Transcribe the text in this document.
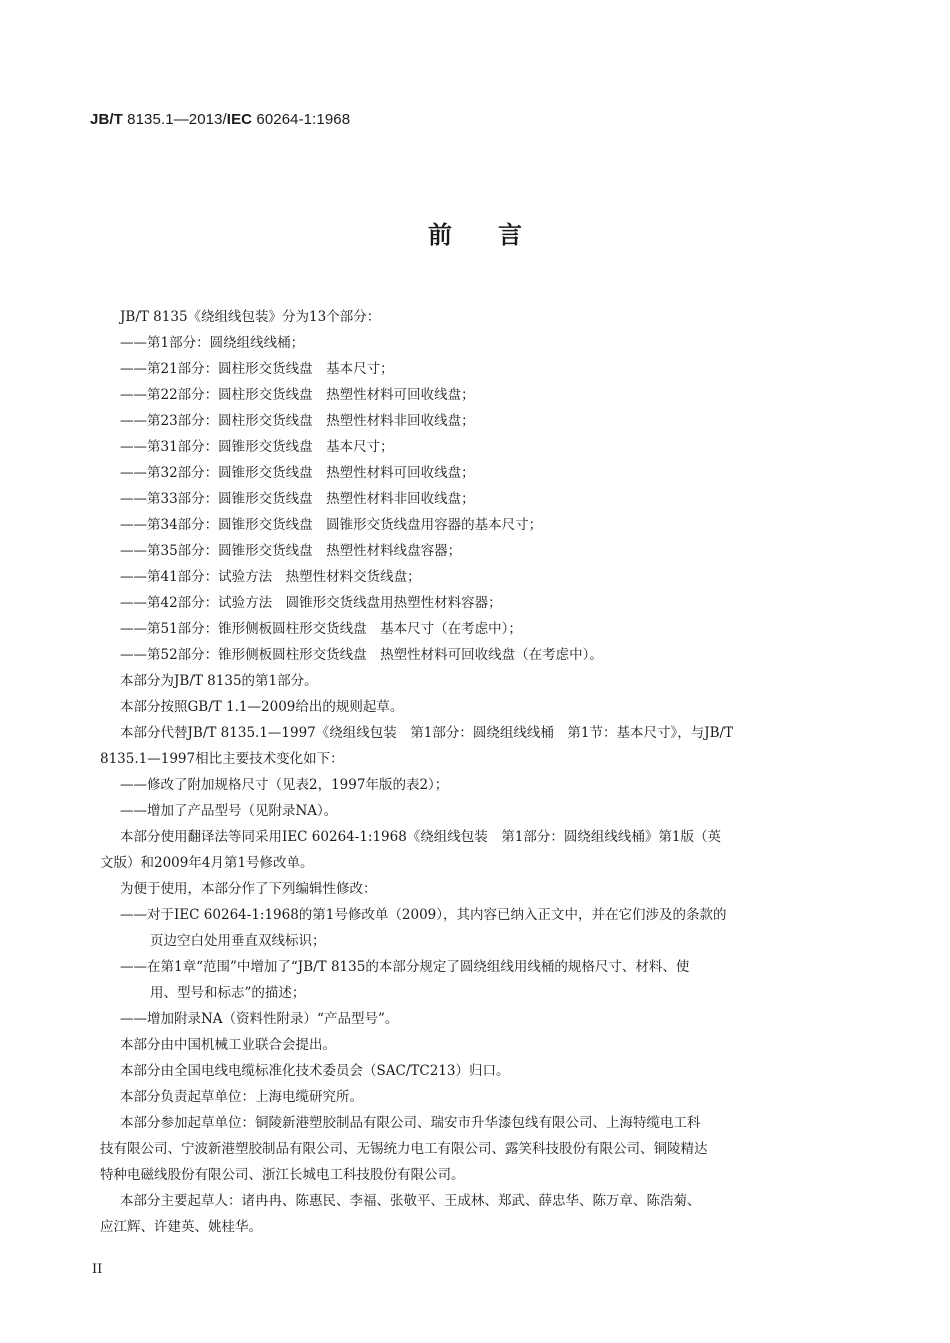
JB/T 8135.1—2013/IEC 60264-1:1968
前言
JB/T 8135《绕组线包装》分为13个部分：
——第1部分：圆绕组线线桶；
——第21部分：圆柱形交货线盘　基本尺寸；
——第22部分：圆柱形交货线盘　热塑性材料可回收线盘；
——第23部分：圆柱形交货线盘　热塑性材料非回收线盘；
——第31部分：圆锥形交货线盘　基本尺寸；
——第32部分：圆锥形交货线盘　热塑性材料可回收线盘；
——第33部分：圆锥形交货线盘　热塑性材料非回收线盘；
——第34部分：圆锥形交货线盘　圆锥形交货线盘用容器的基本尺寸；
——第35部分：圆锥形交货线盘　热塑性材料线盘容器；
——第41部分：试验方法　热塑性材料交货线盘；
——第42部分：试验方法　圆锥形交货线盘用热塑性材料容器；
——第51部分：锥形侧板圆柱形交货线盘　基本尺寸（在考虑中）；
——第52部分：锥形侧板圆柱形交货线盘　热塑性材料可回收线盘（在考虑中）。
本部分为JB/T 8135的第1部分。
本部分按照GB/T 1.1—2009给出的规则起草。
本部分代替JB/T 8135.1—1997《绕组线包装　第1部分：圆绕组线线桶　第1节：基本尺寸》，与JB/T
8135.1—1997相比主要技术变化如下：
——修改了附加规格尺寸（见表2，1997年版的表2）；
——增加了产品型号（见附录NA）。
本部分使用翻译法等同采用IEC 60264-1:1968《绕组线包装　第1部分：圆绕组线线桶》第1版（英
文版）和2009年4月第1号修改单。
为便于使用，本部分作了下列编辑性修改：
——对于IEC 60264-1:1968的第1号修改单（2009），其内容已纳入正文中，并在它们涉及的条款的
页边空白处用垂直双线标识；
——在第1章“范围”中增加了“JB/T 8135的本部分规定了圆绕组线用线桶的规格尺寸、材料、使
用、型号和标志”的描述；
——增加附录NA（资料性附录）“产品型号”。
本部分由中国机械工业联合会提出。
本部分由全国电线电缆标准化技术委员会（SAC/TC213）归口。
本部分负责起草单位：上海电缆研究所。
本部分参加起草单位：铜陵新港塑胶制品有限公司、瑞安市升华漆包线有限公司、上海特缆电工科
技有限公司、宁波新港塑胶制品有限公司、无锡统力电工有限公司、露笑科技股份有限公司、铜陵精达
特种电磁线股份有限公司、浙江长城电工科技股份有限公司。
本部分主要起草人：诸冉冉、陈惠民、李福、张敬平、王成林、郑武、薛忠华、陈万章、陈浩菊、
应江辉、许建英、姚桂华。
II
